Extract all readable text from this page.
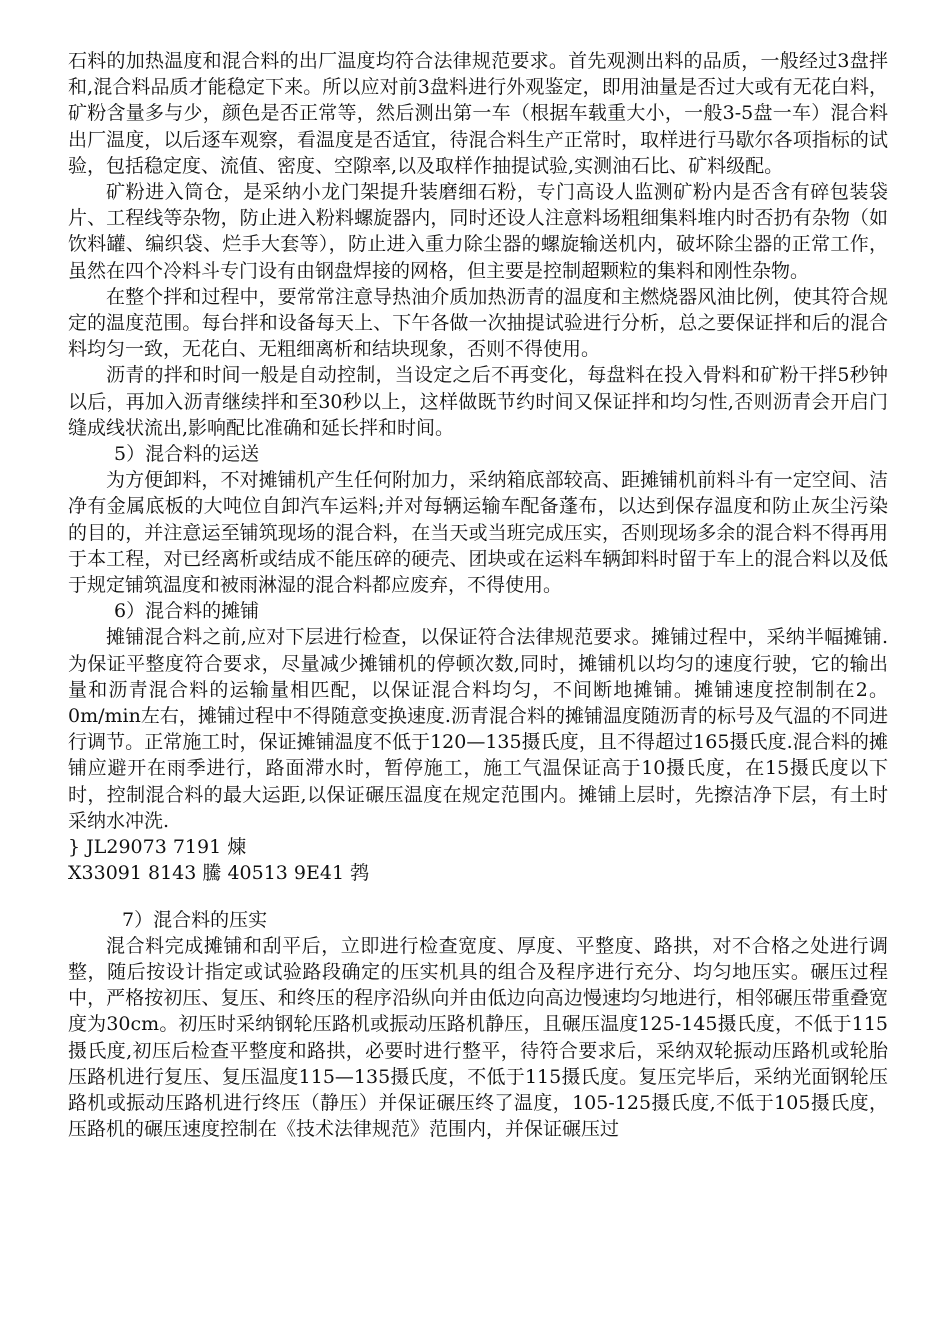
石料的加热温度和混合料的出厂温度均符合法律规范要求。首先观测出料的品质，一般经过3盘拌和,混合料品质才能稳定下来。所以应对前3盘料进行外观鉴定，即用油量是否过大或有无花白料，矿粉含量多与少，颜色是否正常等，然后测出第一车（根据车载重大小，一般3-5盘一车）混合料出厂温度，以后逐车观察，看温度是否适宜，待混合料生产正常时，取样进行马歇尔各项指标的试验，包括稳定度、流值、密度、空隙率,以及取样作抽提试验,实测油石比、矿料级配。

矿粉进入筒仓，是采纳小龙门架提升装磨细石粉，专门高设人监测矿粉内是否含有碎包装袋片、工程线等杂物，防止进入粉料螺旋器内，同时还设人注意料场粗细集料堆内时否扔有杂物（如饮料罐、编织袋、烂手大套等），防止进入重力除尘器的螺旋输送机内，破坏除尘器的正常工作，虽然在四个冷料斗专门设有由钢盘焊接的网格，但主要是控制超颗粒的集料和刚性杂物。

在整个拌和过程中，要常常注意导热油介质加热沥青的温度和主燃烧器风油比例，使其符合规定的温度范围。每台拌和设备每天上、下午各做一次抽提试验进行分析，总之要保证拌和后的混合料均匀一致，无花白、无粗细离析和结块现象，否则不得使用。

沥青的拌和时间一般是自动控制，当设定之后不再变化，每盘料在投入骨料和矿粉干拌5秒钟以后，再加入沥青继续拌和至30秒以上，这样做既节约时间又保证拌和均匀性,否则沥青会开启门缝成线状流出,影响配比准确和延长拌和时间。

5）混合料的运送

为方便卸料，不对摊铺机产生任何附加力，采纳箱底部较高、距摊铺机前料斗有一定空间、洁净有金属底板的大吨位自卸汽车运料;并对每辆运输车配备蓬布，以达到保存温度和防止灰尘污染的目的，并注意运至铺筑现场的混合料，在当天或当班完成压实，否则现场多余的混合料不得再用于本工程，对已经离析或结成不能压碎的硬壳、团块或在运料车辆卸料时留于车上的混合料以及低于规定铺筑温度和被雨淋湿的混合料都应废弃，不得使用。

6）混合料的摊铺

摊铺混合料之前,应对下层进行检查，以保证符合法律规范要求。摊铺过程中，采纳半幅摊铺.为保证平整度符合要求，尽量减少摊铺机的停顿次数,同时，摊铺机以均匀的速度行驶，它的输出量和沥青混合料的运输量相匹配，以保证混合料均匀，不间断地摊铺。摊铺速度控制制在2。0m/min左右，摊铺过程中不得随意变换速度.沥青混合料的摊铺温度随沥青的标号及气温的不同进行调节。正常施工时，保证摊铺温度不低于120—135摄氏度，且不得超过165摄氏度.混合料的摊铺应避开在雨季进行，路面滞水时，暂停施工，施工气温保证高于10摄氏度，在15摄氏度以下时，控制混合料的最大运距,以保证碾压温度在规定范围内。摊铺上层时，先擦洁净下层，有土时采纳水冲洗.

} JL29073 7191 煉

X33091 8143 騰 40513 9E41 鹁

7）混合料的压实

混合料完成摊铺和刮平后，立即进行检查宽度、厚度、平整度、路拱，对不合格之处进行调整，随后按设计指定或试验路段确定的压实机具的组合及程序进行充分、均匀地压实。碾压过程中，严格按初压、复压、和终压的程序沿纵向并由低边向高边慢速均匀地进行，相邻碾压带重叠宽度为30cm。初压时采纳钢轮压路机或振动压路机静压，且碾压温度125-145摄氏度，不低于115摄氏度,初压后检查平整度和路拱，必要时进行整平，待符合要求后，采纳双轮振动压路机或轮胎压路机进行复压、复压温度115—135摄氏度，不低于115摄氏度。复压完毕后，采纳光面钢轮压路机或振动压路机进行终压（静压）并保证碾压终了温度，105-125摄氏度,不低于105摄氏度，压路机的碾压速度控制在《技术法律规范》范围内，并保证碾压过
